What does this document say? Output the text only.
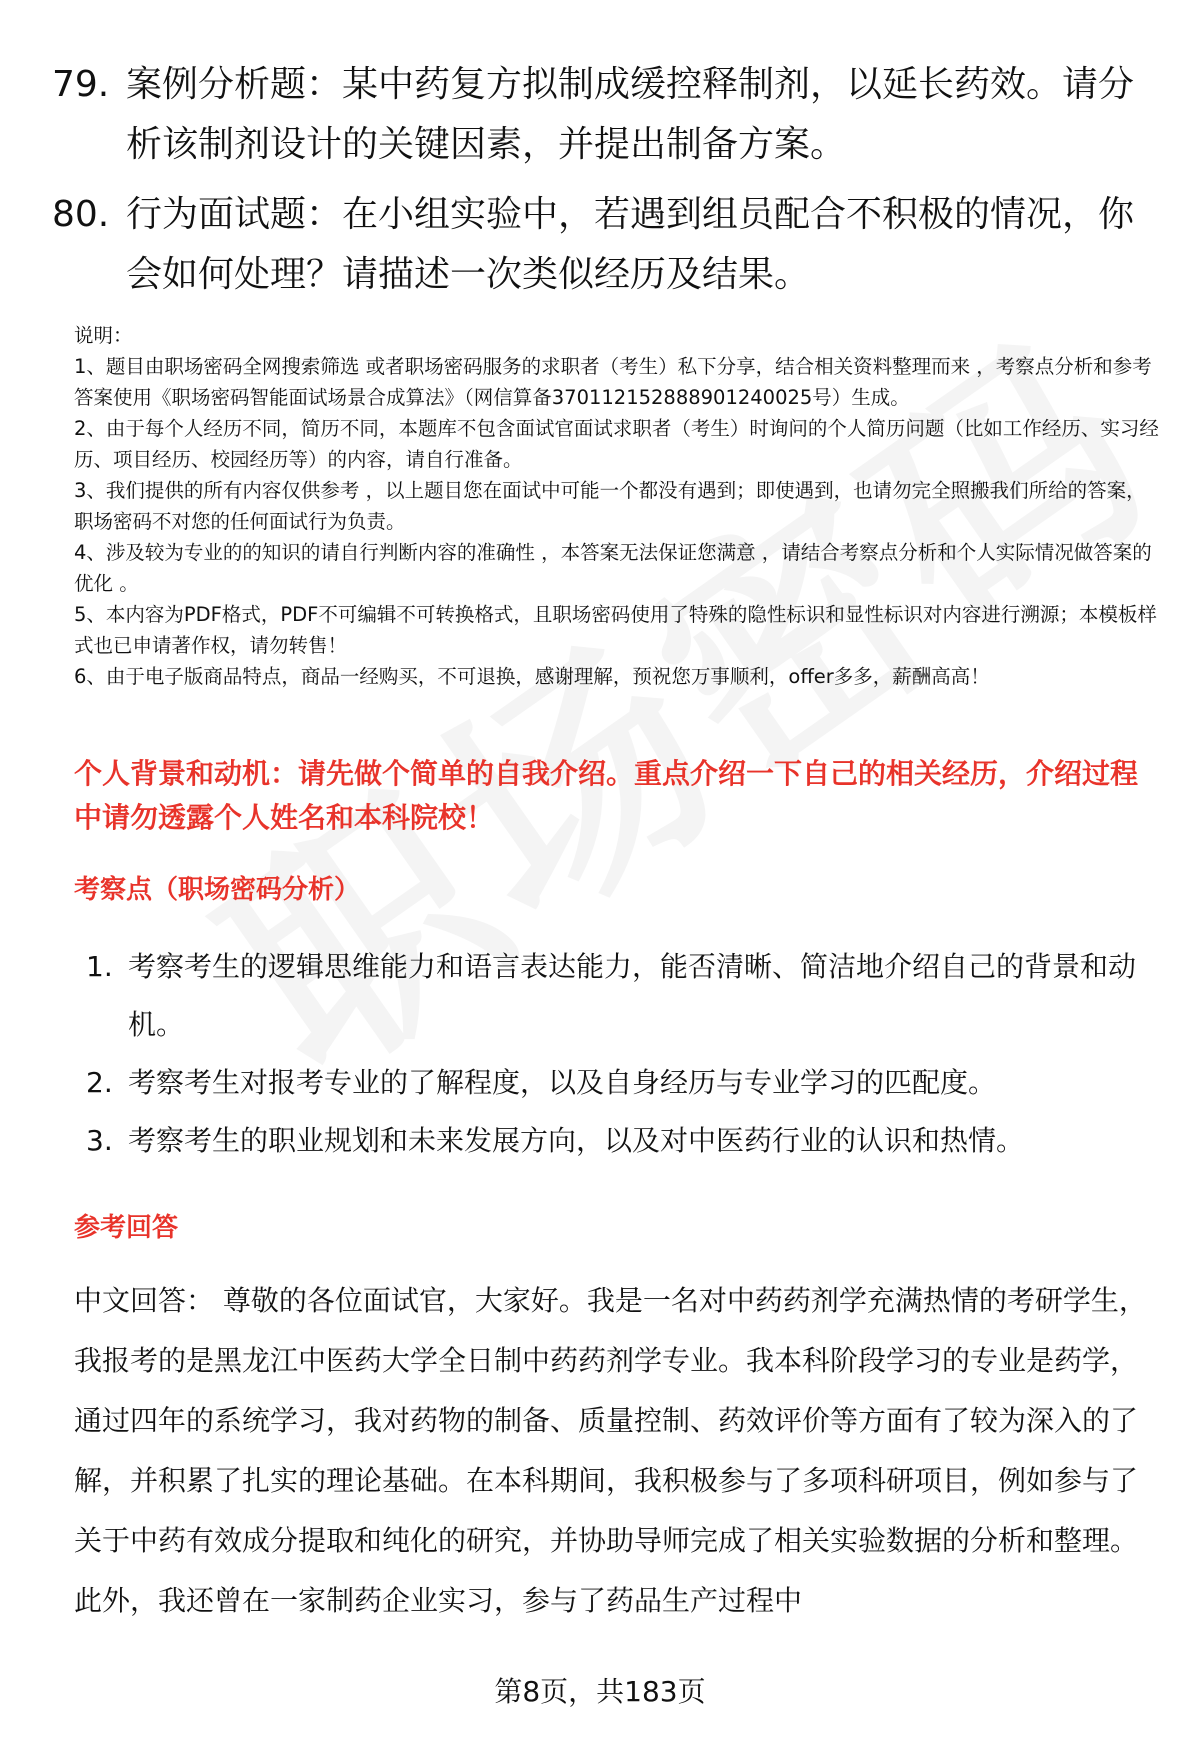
79. 案例分析题：某中药复方拟制成缓控释制剂，以延长药效。请分析该制剂设计的关键因素，并提出制备方案。
80. 行为面试题：在小组实验中，若遇到组员配合不积极的情况，你会如何处理？请描述一次类似经历及结果。

说明：

1、题目由职场密码全网搜索筛选 或者职场密码服务的求职者（考生）私下分享，结合相关资料整理而来 ，考察点分析和参考答案使用《职场密码智能面试场景合成算法》（网信算备370112152888901240025号）生成。

2、由于每个人经历不同，简历不同，本题库不包含面试官面试求职者（考生）时询问的个人简历问题（比如工作经历、实习经历、项目经历、校园经历等）的内容，请自行准备。

3、我们提供的所有内容仅供参考 ，以上题目您在面试中可能一个都没有遇到；即使遇到，也请勿完全照搬我们所给的答案，职场密码不对您的任何面试行为负责。

4、涉及较为专业的的知识的请自行判断内容的准确性 ，本答案无法保证您满意 ，请结合考察点分析和个人实际情况做答案的优化 。

5、本内容为PDF格式，PDF不可编辑不可转换格式，且职场密码使用了特殊的隐性标识和显性标识对内容进行溯源；本模板样式也已申请著作权，请勿转售！

6、由于电子版商品特点，商品一经购买，不可退换，感谢理解，预祝您万事顺利，offer多多，薪酬高高！

个人背景和动机：请先做个简单的自我介绍。重点介绍一下自己的相关经历，介绍过程中请勿透露个人姓名和本科院校！
考察点（职场密码分析）
1. 考察考生的逻辑思维能力和语言表达能力，能否清晰、简洁地介绍自己的背景和动机。
2. 考察考生对报考专业的了解程度，以及自身经历与专业学习的匹配度。
3. 考察考生的职业规划和未来发展方向，以及对中医药行业的认识和热情。
参考回答

中文回答： 尊敬的各位面试官，大家好。我是一名对中药药剂学充满热情的考研学生，我报考的是黑龙江中医药大学全日制中药药剂学专业。我本科阶段学习的专业是药学，通过四年的系统学习，我对药物的制备、质量控制、药效评价等方面有了较为深入的了解，并积累了扎实的理论基础。在本科期间，我积极参与了多项科研项目，例如参与了关于中药有效成分提取和纯化的研究，并协助导师完成了相关实验数据的分析和整理。此外，我还曾在一家制药企业实习，参与了药品生产过程中

第8页，共183页
